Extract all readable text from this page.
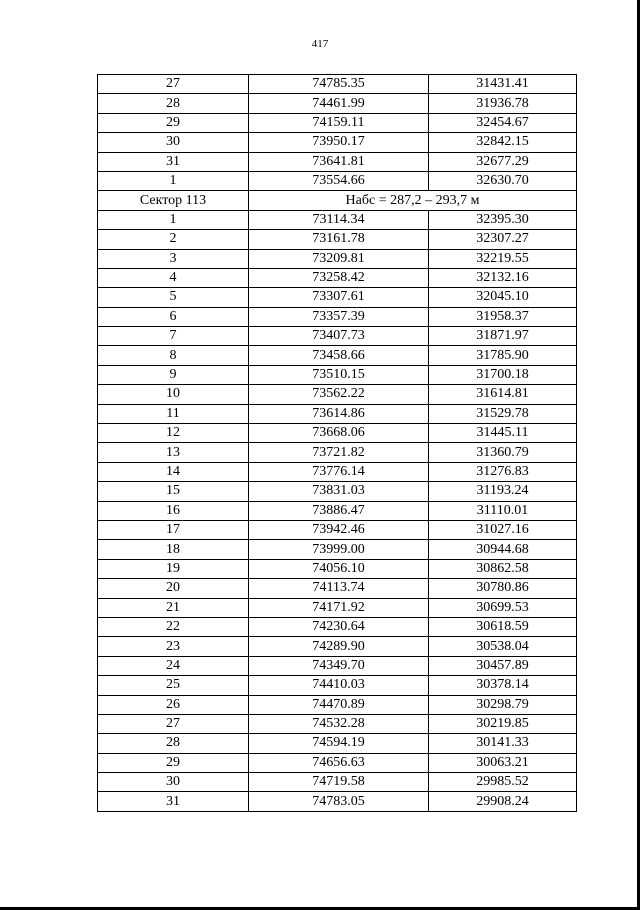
417
27	74785.35	31431.41
28	74461.99	31936.78
29	74159.11	32454.67
30	73950.17	32842.15
31	73641.81	32677.29
1	73554.66	32630.70
Сектор 113	Набс = 287,2 – 293,7 м	
1	73114.34	32395.30
2	73161.78	32307.27
3	73209.81	32219.55
4	73258.42	32132.16
5	73307.61	32045.10
6	73357.39	31958.37
7	73407.73	31871.97
8	73458.66	31785.90
9	73510.15	31700.18
10	73562.22	31614.81
11	73614.86	31529.78
12	73668.06	31445.11
13	73721.82	31360.79
14	73776.14	31276.83
15	73831.03	31193.24
16	73886.47	31110.01
17	73942.46	31027.16
18	73999.00	30944.68
19	74056.10	30862.58
20	74113.74	30780.86
21	74171.92	30699.53
22	74230.64	30618.59
23	74289.90	30538.04
24	74349.70	30457.89
25	74410.03	30378.14
26	74470.89	30298.79
27	74532.28	30219.85
28	74594.19	30141.33
29	74656.63	30063.21
30	74719.58	29985.52
31	74783.05	29908.24
